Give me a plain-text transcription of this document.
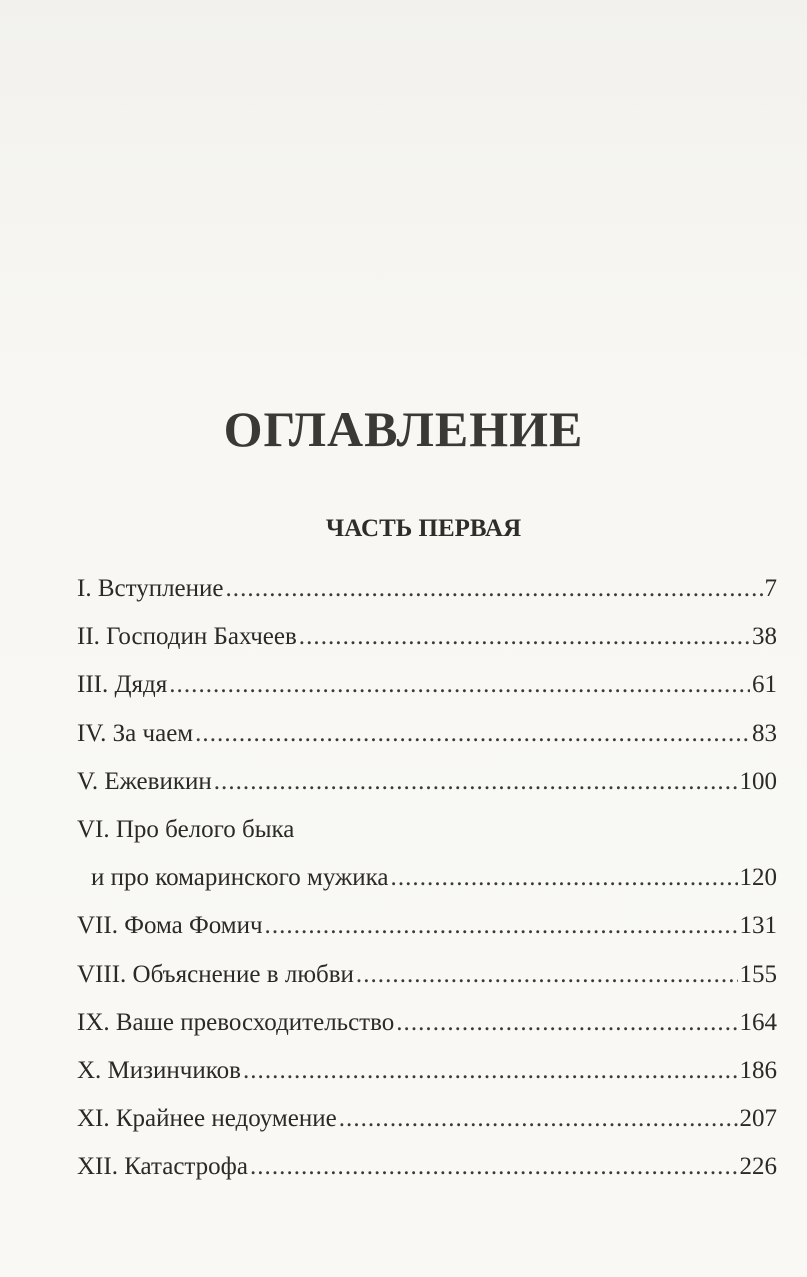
ОГЛАВЛЕНИЕ
ЧАСТЬ ПЕРВАЯ
I. Вступление . . .	7
II. Господин Бахчеев . . .	38
III. Дядя . . .	61
IV. За чаем . . .	83
V. Ежевикин . . .	100
VI. Про белого быка
и про комаринского мужика . . .	120
VII. Фома Фомич . . .	131
VIII. Объяснение в любви . . .	155
IX. Ваше превосходительство . . .	164
X. Мизинчиков . . .	186
XI. Крайнее недоумение . . .	207
XII. Катастрофа . . .	226
